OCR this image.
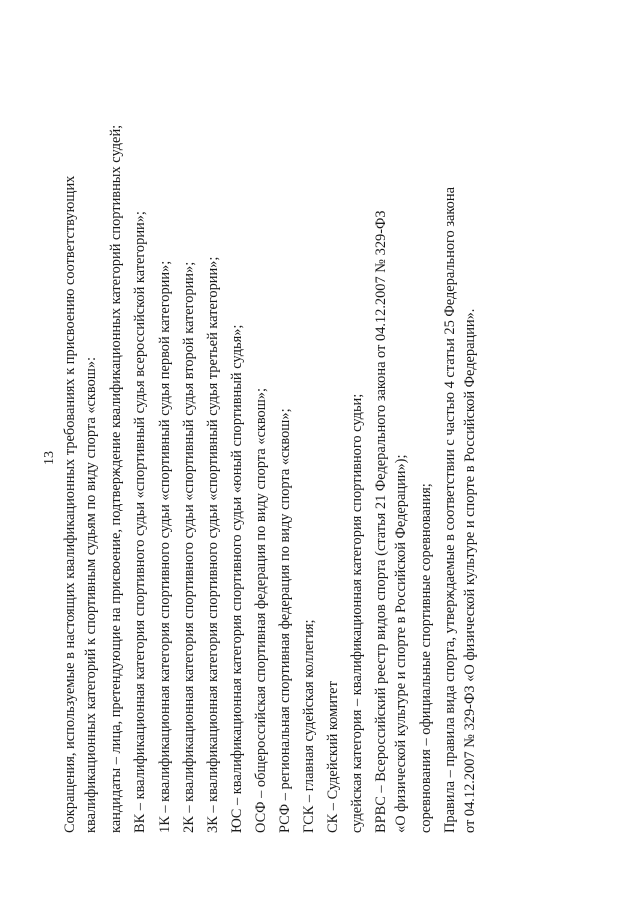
13 Сокращения, используемые в настоящих квалификационных требованиях к присвоению соответствующих квалификационных категорий к спортивным судьям по виду спорта «сквош»: кандидаты – лица, претендующие на присвоение, подтверждение квалификационных категорий спортивных судей; ВК – квалификационная категория спортивного судьи «спортивный судья всероссийской категории»; 1К – квалификационная категория спортивного судьи «спортивный судья первой категории»; 2К – квалификационная категория спортивного судьи «спортивный судья второй категории»; 3К – квалификационная категория спортивного судьи «спортивный судья третьей категории»; ЮС – квалификационная категория спортивного судьи «юный спортивный судья»; ОСФ – общероссийская спортивная федерация по виду спорта «сквош»; РСФ – региональная спортивная федерация по виду спорта «сквош»; ГСК – главная судейская коллегия; СК – Судейский комитет судейская категория – квалификационная категория спортивного судьи; ВРВС – Всероссийский реестр видов спорта (статья 21 Федерального закона от 04.12.2007 № 329-ФЗ «О физической культуре и спорте в Российской Федерации»); соревнования – официальные спортивные соревнования; Правила – правила вида спорта, утверждаемые в соответствии с частью 4 статьи 25 Федерального закона от 04.12.2007 № 329-ФЗ «О физической культуре и спорте в Российской Федерации».
